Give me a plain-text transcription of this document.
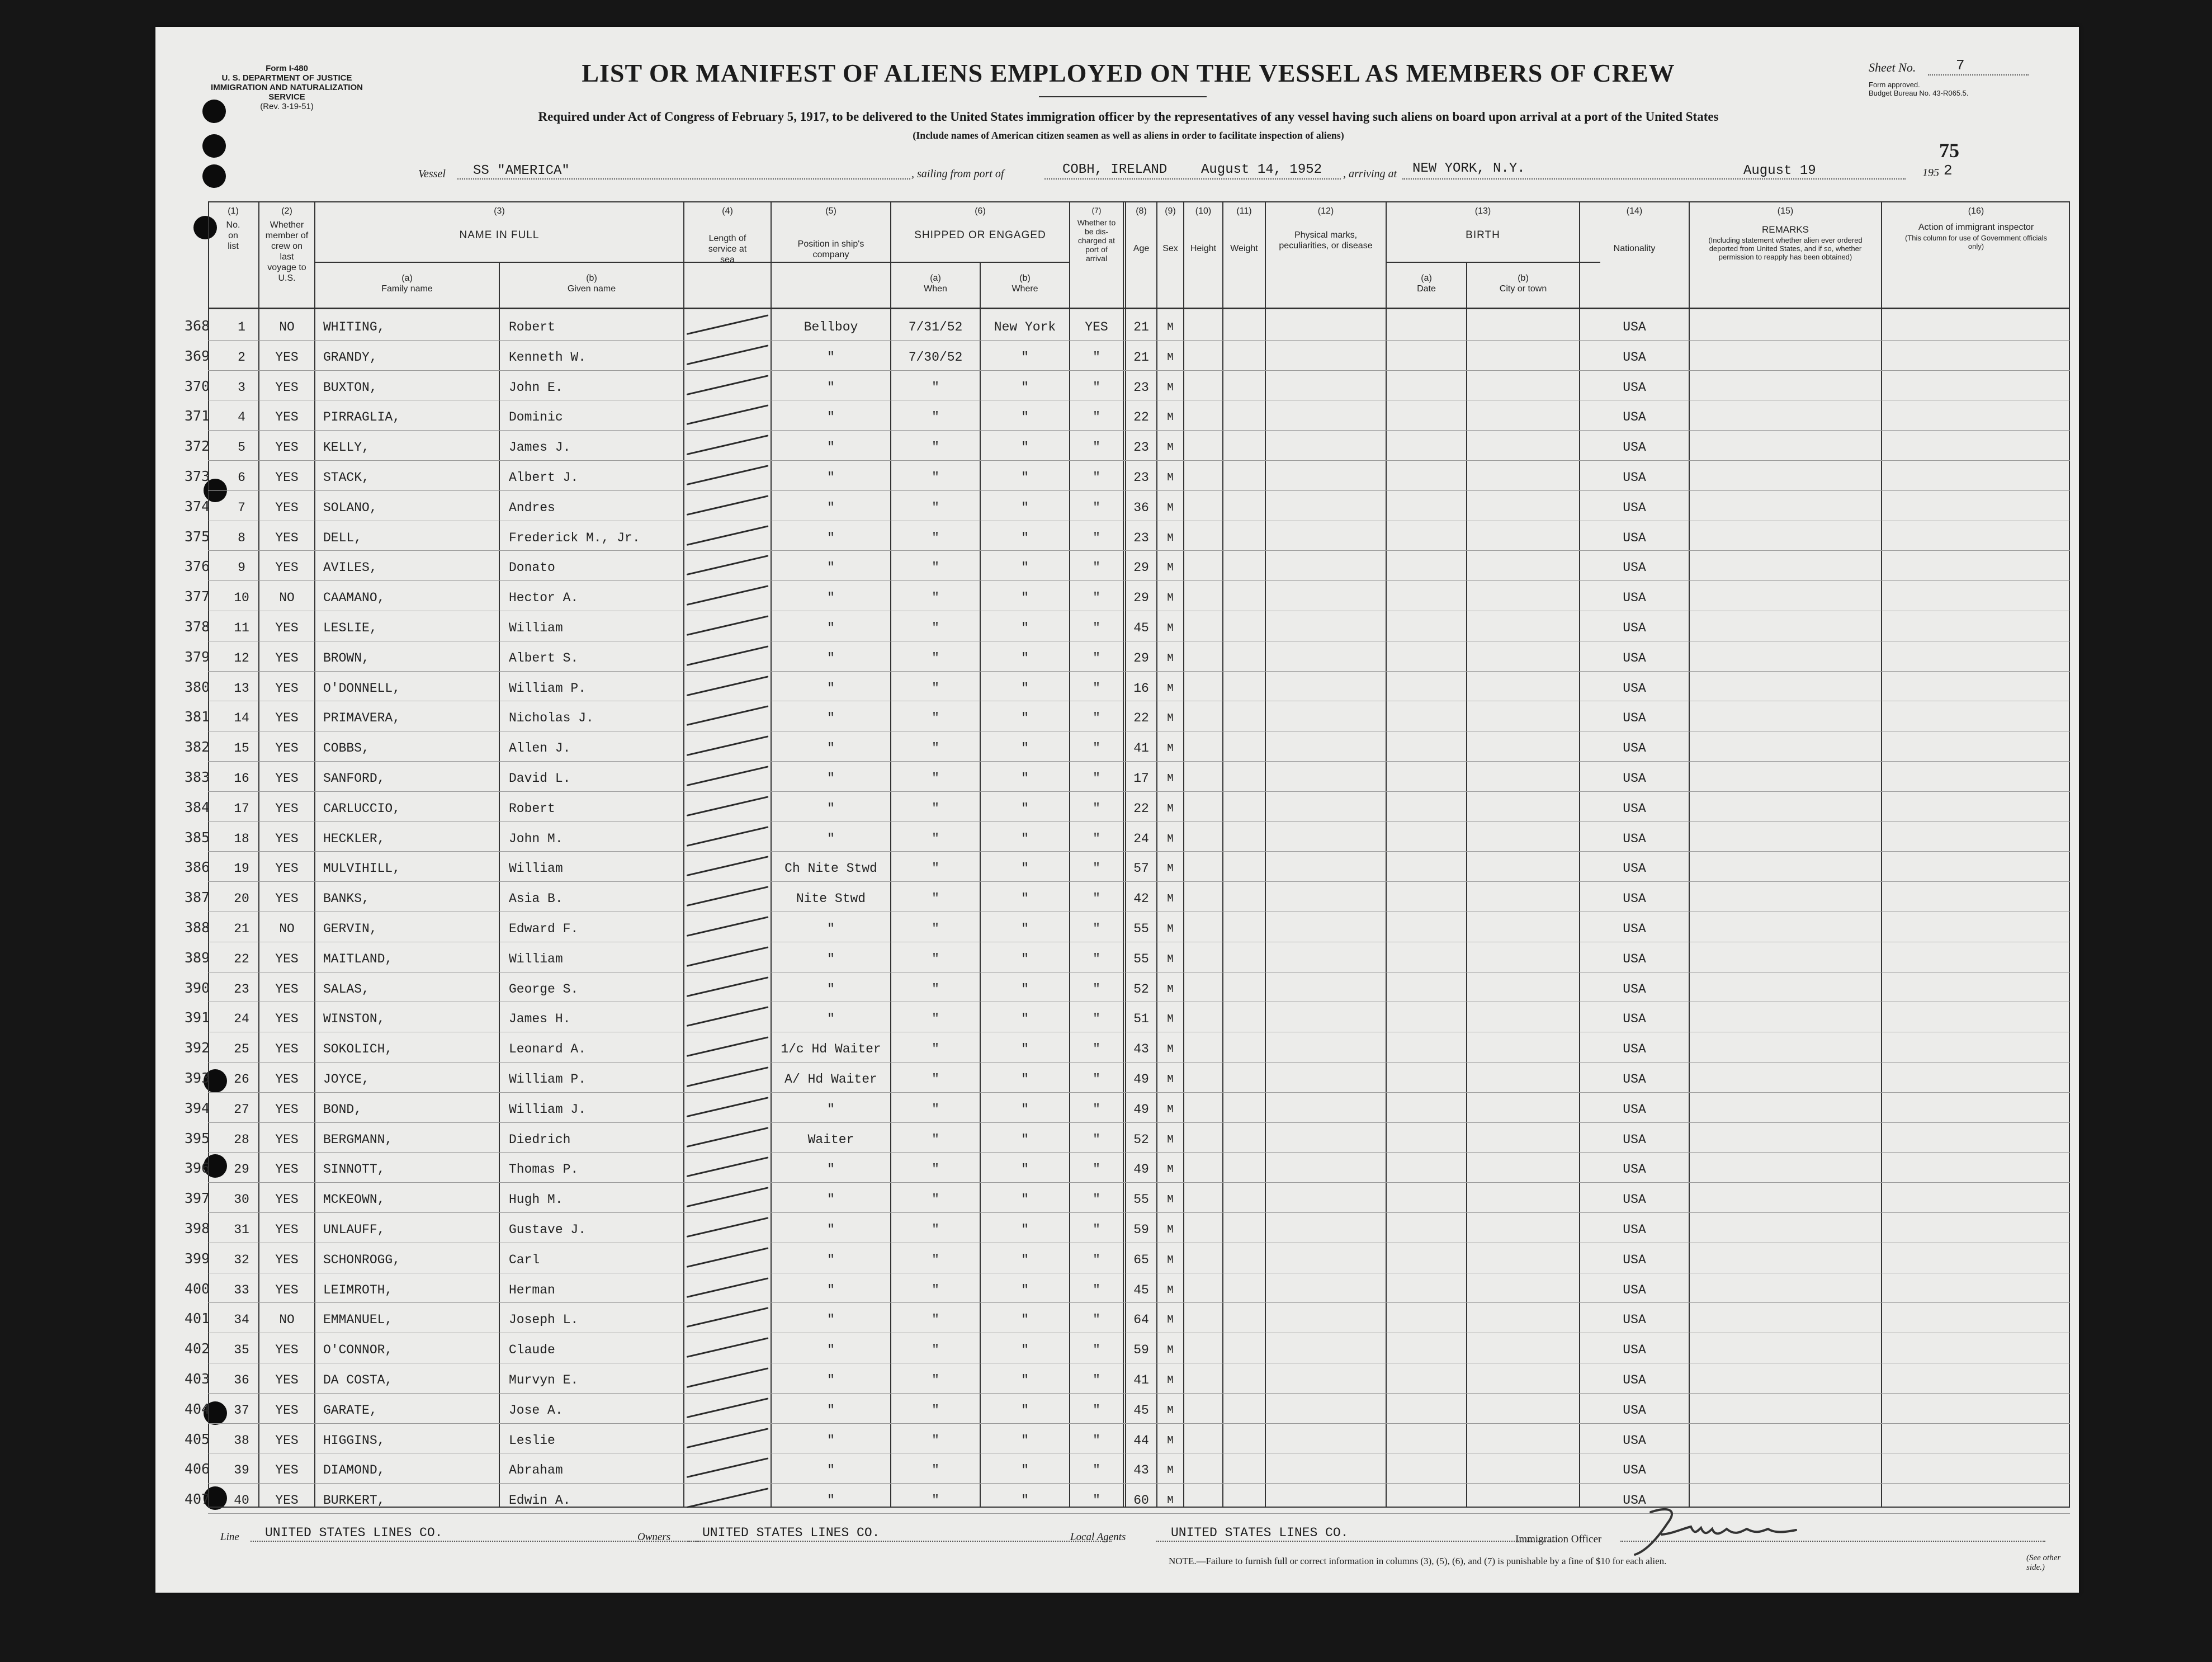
Form I-480
U. S. DEPARTMENT OF JUSTICE
IMMIGRATION AND NATURALIZATION SERVICE
(Rev. 3-19-51)
LIST OR MANIFEST OF ALIENS EMPLOYED ON THE VESSEL AS MEMBERS OF CREW
Required under Act of Congress of February 5, 1917, to be delivered to the United States immigration officer by the representatives of any vessel having such aliens on board upon arrival at a port of the United States
(Include names of American citizen seamen as well as aliens in order to facilitate inspection of aliens)
Sheet No.	7
Form approved.
Budget Bureau No. 43-R065.5.
75
Vessel SS "AMERICA"	, sailing from port of	COBH, IRELAND	August 14, 1952 , arriving at NEW YORK, N.Y.	August 19	195 2
(1)
No. on list
(2)
Whether member of crew on last voyage to U.S.
(3)
NAME IN FULL
(a)
Family name
(b)
Given name
(4)
Length of service at sea
(5)
Position in ship's company
(6)
SHIPPED OR ENGAGED
(a)
When
(b)
Where
(7)
Whether to be dis- charged at port of arrival
(8)
Age
(9)
Sex
(10)
Height
(11)
Weight
(12)
Physical marks, peculiarities, or disease
(13)
BIRTH
(a)
Date
(b)
City or town
(14)
Nationality
(15)
REMARKS
(Including statement whether alien ever ordered deported from United States, and if so, whether permission to reapply has been obtained)
(16)
Action of immigrant inspector
(This column for use of Government officials only)
368	1	NO	WHITING,	Robert	Bellboy	7/31/52	New York	YES	21	M	USA
369	2	YES	GRANDY,	Kenneth W.	"	7/30/52	"	"	21	M	USA
370	3	YES	BUXTON,	John E.	"	"	"	"	23	M	USA
371	4	YES	PIRRAGLIA,	Dominic	"	"	"	"	22	M	USA
372	5	YES	KELLY,	James J.	"	"	"	"	23	M	USA
373	6	YES	STACK,	Albert J.	"	"	"	"	23	M	USA
374	7	YES	SOLANO,	Andres	"	"	"	"	36	M	USA
375	8	YES	DELL,	Frederick M., Jr.	"	"	"	"	23	M	USA
376	9	YES	AVILES,	Donato	"	"	"	"	29	M	USA
377	10	NO	CAAMANO,	Hector A.	"	"	"	"	29	M	USA
378	11	YES	LESLIE,	William	"	"	"	"	45	M	USA
379	12	YES	BROWN,	Albert S.	"	"	"	"	29	M	USA
380	13	YES	O'DONNELL,	William P.	"	"	"	"	16	M	USA
381	14	YES	PRIMAVERA,	Nicholas J.	"	"	"	"	22	M	USA
382	15	YES	COBBS,	Allen J.	"	"	"	"	41	M	USA
383	16	YES	SANFORD,	David L.	"	"	"	"	17	M	USA
384	17	YES	CARLUCCIO,	Robert	"	"	"	"	22	M	USA
385	18	YES	HECKLER,	John M.	"	"	"	"	24	M	USA
386	19	YES	MULVIHILL,	William	Ch Nite Stwd	"	"	"	57	M	USA
387	20	YES	BANKS,	Asia B.	Nite Stwd	"	"	"	42	M	USA
388	21	NO	GERVIN,	Edward F.	"	"	"	"	55	M	USA
389	22	YES	MAITLAND,	William	"	"	"	"	55	M	USA
390	23	YES	SALAS,	George S.	"	"	"	"	52	M	USA
391	24	YES	WINSTON,	James H.	"	"	"	"	51	M	USA
392	25	YES	SOKOLICH,	Leonard A.	1/c Hd Waiter	"	"	"	43	M	USA
393	26	YES	JOYCE,	William P.	A/ Hd Waiter	"	"	"	49	M	USA
394	27	YES	BOND,	William J.	"	"	"	"	49	M	USA
395	28	YES	BERGMANN,	Diedrich	Waiter	"	"	"	52	M	USA
396	29	YES	SINNOTT,	Thomas P.	"	"	"	"	49	M	USA
397	30	YES	MCKEOWN,	Hugh M.	"	"	"	"	55	M	USA
398	31	YES	UNLAUFF,	Gustave J.	"	"	"	"	59	M	USA
399	32	YES	SCHONROGG,	Carl	"	"	"	"	65	M	USA
400	33	YES	LEIMROTH,	Herman	"	"	"	"	45	M	USA
401	34	NO	EMMANUEL,	Joseph L.	"	"	"	"	64	M	USA
402	35	YES	O'CONNOR,	Claude	"	"	"	"	59	M	USA
403	36	YES	DA COSTA,	Murvyn E.	"	"	"	"	41	M	USA
404	37	YES	GARATE,	Jose A.	"	"	"	"	45	M	USA
405	38	YES	HIGGINS,	Leslie	"	"	"	"	44	M	USA
406	39	YES	DIAMOND,	Abraham	"	"	"	"	43	M	USA
407	40	YES	BURKERT,	Edwin A.	"	"	"	"	60	M	USA
Line UNITED STATES LINES CO.	Owners UNITED STATES LINES CO.	Local Agents	UNITED STATES LINES CO.	Immigration Officer
NOTE.—Failure to furnish full or correct information in columns (3), (5), (6), and (7) is punishable by a fine of $10 for each alien.	(See other side.)
